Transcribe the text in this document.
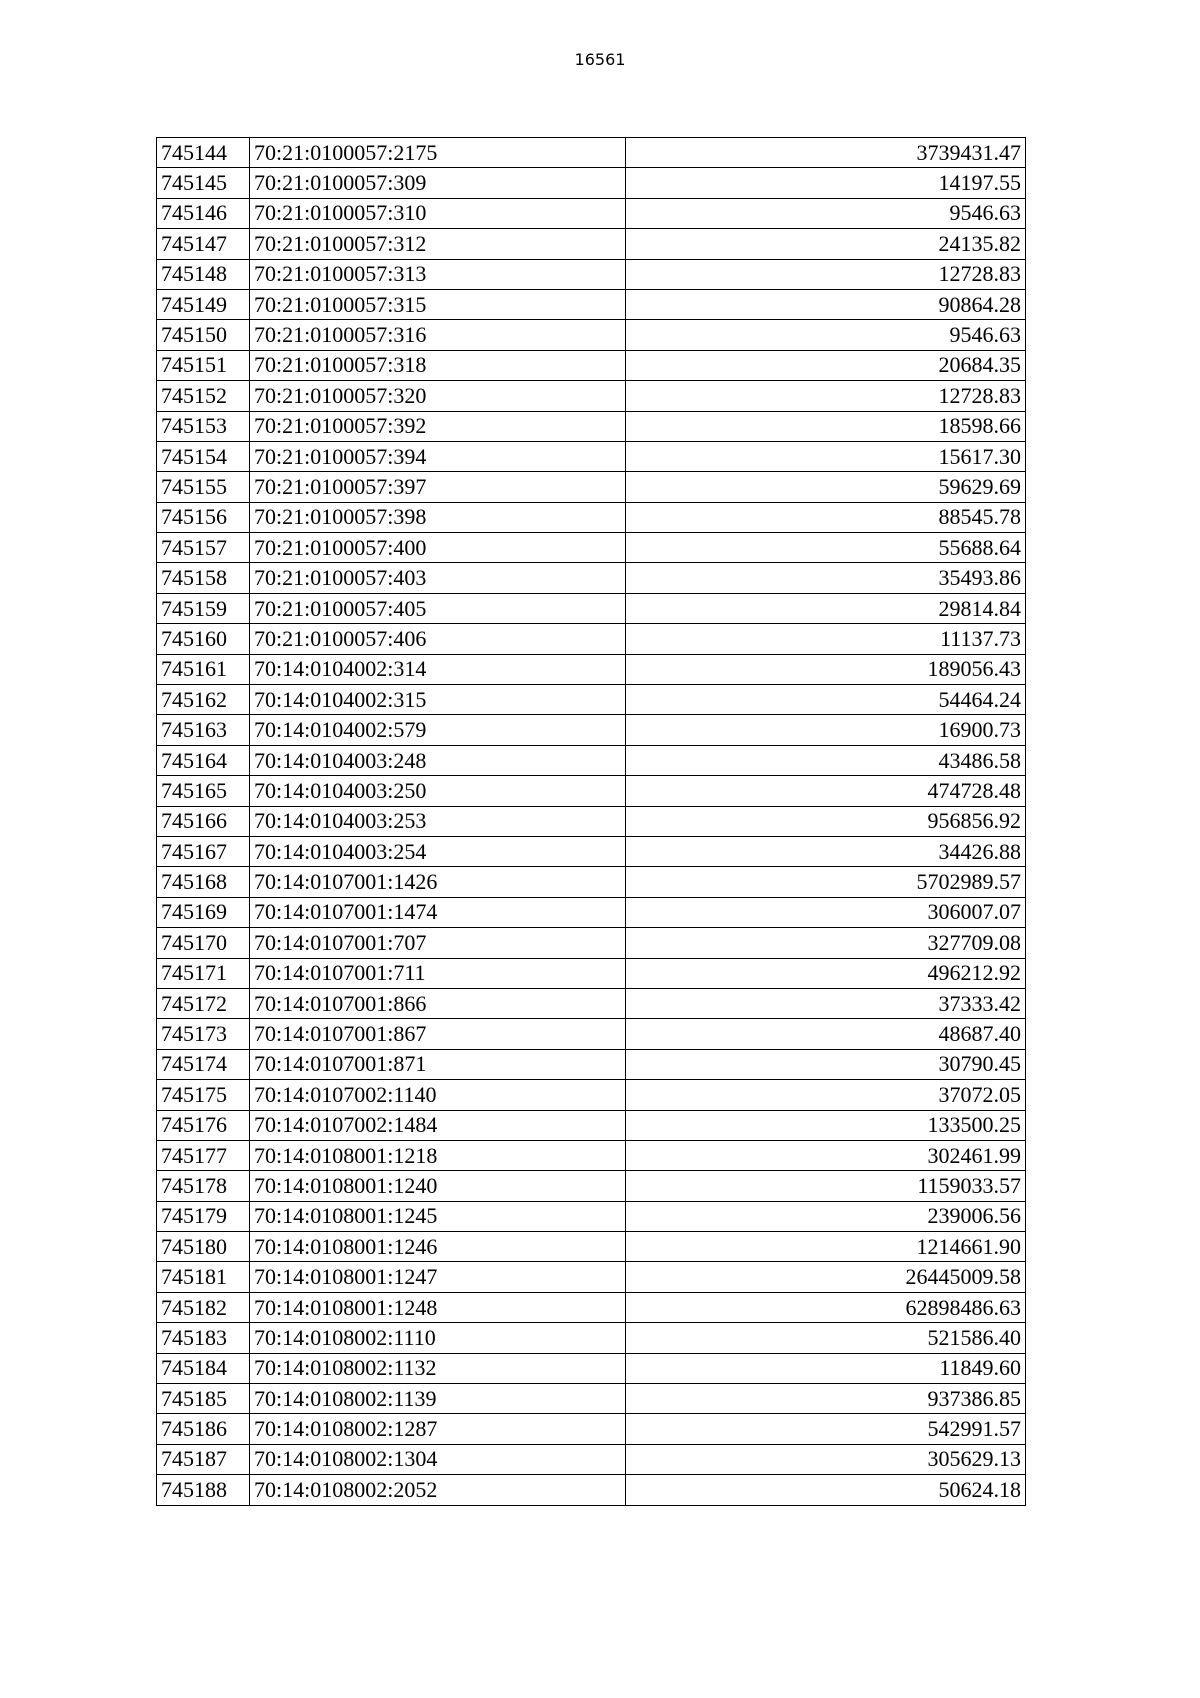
16561
745144	70:21:0100057:2175	3739431.47
745145	70:21:0100057:309	14197.55
745146	70:21:0100057:310	9546.63
745147	70:21:0100057:312	24135.82
745148	70:21:0100057:313	12728.83
745149	70:21:0100057:315	90864.28
745150	70:21:0100057:316	9546.63
745151	70:21:0100057:318	20684.35
745152	70:21:0100057:320	12728.83
745153	70:21:0100057:392	18598.66
745154	70:21:0100057:394	15617.30
745155	70:21:0100057:397	59629.69
745156	70:21:0100057:398	88545.78
745157	70:21:0100057:400	55688.64
745158	70:21:0100057:403	35493.86
745159	70:21:0100057:405	29814.84
745160	70:21:0100057:406	11137.73
745161	70:14:0104002:314	189056.43
745162	70:14:0104002:315	54464.24
745163	70:14:0104002:579	16900.73
745164	70:14:0104003:248	43486.58
745165	70:14:0104003:250	474728.48
745166	70:14:0104003:253	956856.92
745167	70:14:0104003:254	34426.88
745168	70:14:0107001:1426	5702989.57
745169	70:14:0107001:1474	306007.07
745170	70:14:0107001:707	327709.08
745171	70:14:0107001:711	496212.92
745172	70:14:0107001:866	37333.42
745173	70:14:0107001:867	48687.40
745174	70:14:0107001:871	30790.45
745175	70:14:0107002:1140	37072.05
745176	70:14:0107002:1484	133500.25
745177	70:14:0108001:1218	302461.99
745178	70:14:0108001:1240	1159033.57
745179	70:14:0108001:1245	239006.56
745180	70:14:0108001:1246	1214661.90
745181	70:14:0108001:1247	26445009.58
745182	70:14:0108001:1248	62898486.63
745183	70:14:0108002:1110	521586.40
745184	70:14:0108002:1132	11849.60
745185	70:14:0108002:1139	937386.85
745186	70:14:0108002:1287	542991.57
745187	70:14:0108002:1304	305629.13
745188	70:14:0108002:2052	50624.18
